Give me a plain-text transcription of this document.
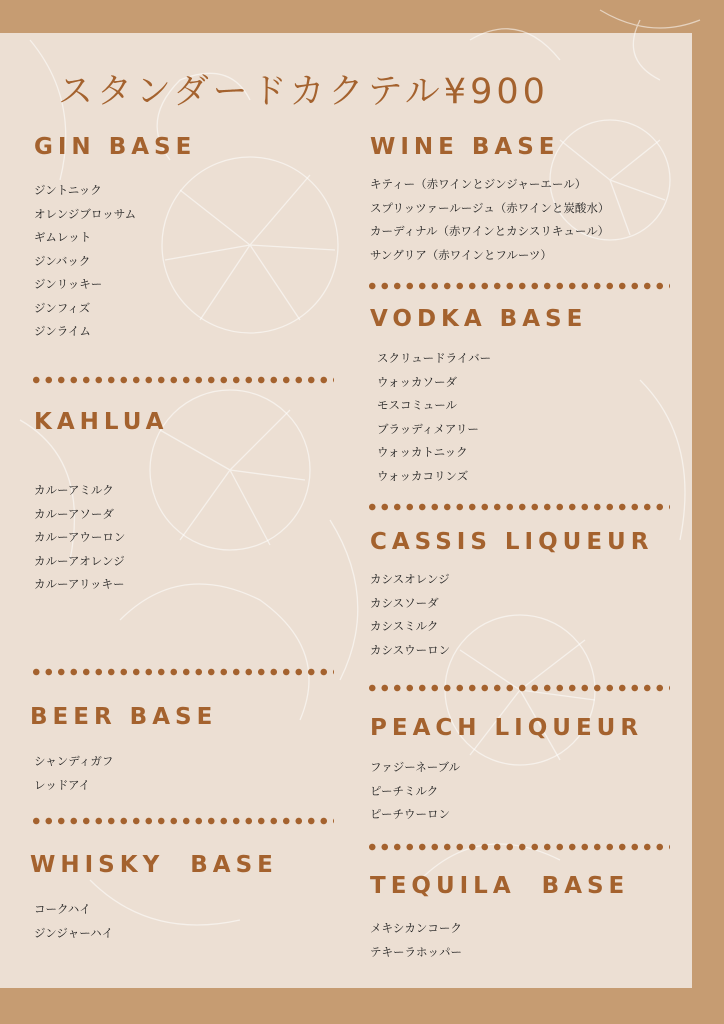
スタンダードカクテル¥900
GIN BASE
ジントニック
オレンジブロッサム
ギムレット
ジンバック
ジンリッキー
ジンフィズ
ジンライム
KAHLUA
カルーアミルク
カルーアソーダ
カルーアウーロン
カルーアオレンジ
カルーアリッキー
BEER BASE
シャンディガフ
レッドアイ
WHISKY  BASE
コークハイ
ジンジャーハイ
WINE BASE
キティー（赤ワインとジンジャーエール）
スプリッツァールージュ（赤ワインと炭酸水）
カーディナル（赤ワインとカシスリキュール）
サングリア（赤ワインとフルーツ）
VODKA BASE
スクリュードライバー
ウォッカソーダ
モスコミュール
ブラッディメアリー
ウォッカトニック
ウォッカコリンズ
CASSIS LIQUEUR
カシスオレンジ
カシスソーダ
カシスミルク
カシスウーロン
PEACH LIQUEUR
ファジーネーブル
ピーチミルク
ピーチウーロン
TEQUILA  BASE
メキシカンコーク
テキーラホッパー
